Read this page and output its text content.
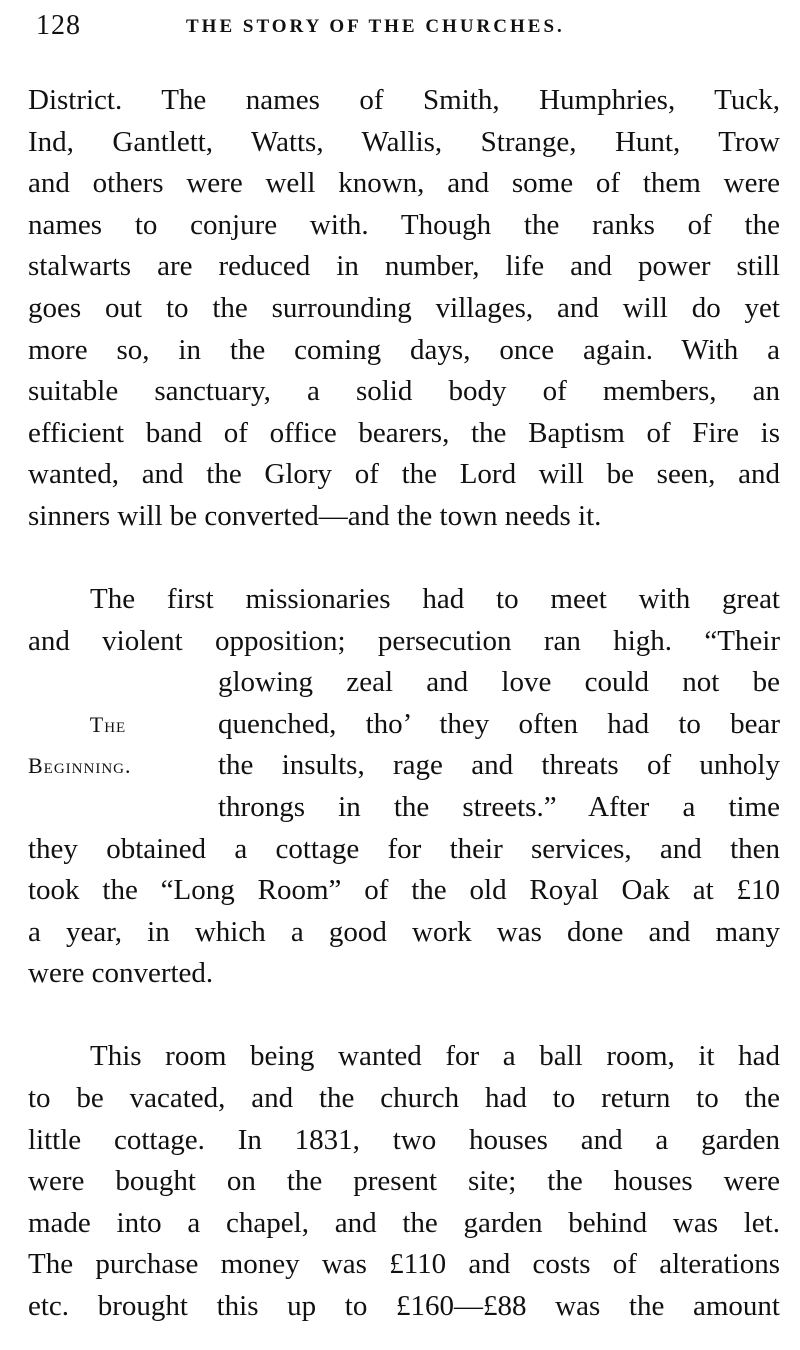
128	THE STORY OF THE CHURCHES.
District. The names of Smith, Humphries, Tuck,
Ind, Gantlett, Watts, Wallis, Strange, Hunt, Trow
and others were well known, and some of them were
names to conjure with. Though the ranks of the
stalwarts are reduced in number, life and power still
goes out to the surrounding villages, and will do yet
more so, in the coming days, once again. With a
suitable sanctuary, a solid body of members, an
efficient band of office bearers, the Baptism of Fire is
wanted, and the Glory of the Lord will be seen, and
sinners will be converted—and the town needs it.
The first missionaries had to meet with great
and violent opposition; persecution ran high. “Their
glowing zeal and love could not be
The	quenched, tho’ they often had to bear
Beginning.	the insults, rage and threats of unholy
throngs in the streets.” After a time
they obtained a cottage for their services, and then
took the “Long Room” of the old Royal Oak at £10
a year, in which a good work was done and many
were converted.
This room being wanted for a ball room, it had
to be vacated, and the church had to return to the
little cottage. In 1831, two houses and a garden
were bought on the present site; the houses were
made into a chapel, and the garden behind was let.
The purchase money was £110 and costs of alterations
etc. brought this up to £160—£88 was the amount
